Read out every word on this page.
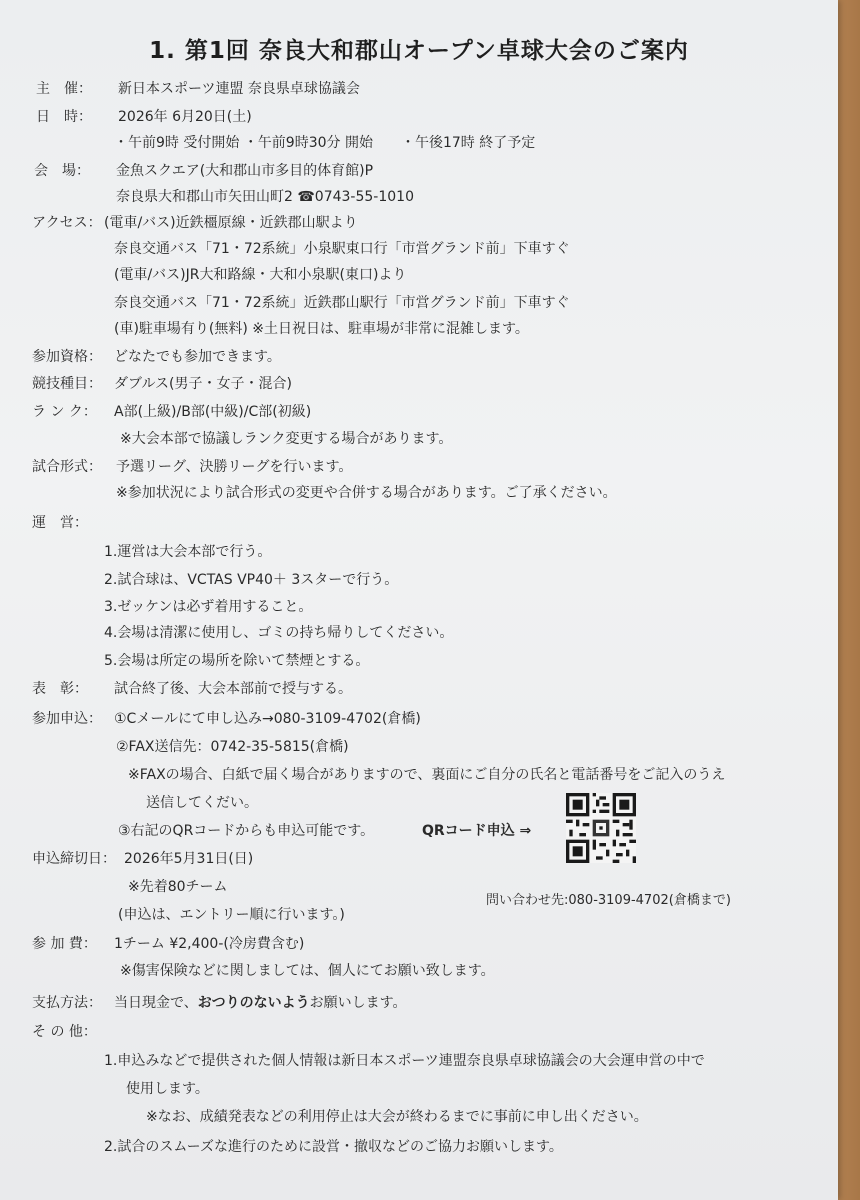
1. 第1回 奈良大和郡山オープン卓球大会のご案内
主　催： 新日本スポーツ連盟 奈良県卓球協議会
日　時： 2026年 6月20日(土)
・午前9時 受付開始 ・午前9時30分 開始　　・午後17時 終了予定
会　場： 金魚スクエア(大和郡山市多目的体育館)P
奈良県大和郡山市矢田山町2 ☎0743-55-1010
アクセス： (電車/バス)近鉄橿原線・近鉄郡山駅より
奈良交通バス「71・72系統」小泉駅東口行「市営グランド前」下車すぐ
(電車/バス)JR大和路線・大和小泉駅(東口)より
奈良交通バス「71・72系統」近鉄郡山駅行「市営グランド前」下車すぐ
(車)駐車場有り(無料) ※土日祝日は、駐車場が非常に混雑します。
参加資格： どなたでも参加できます。
競技種目： ダブルス(男子・女子・混合)
ラ ン ク： A部(上級)/B部(中級)/C部(初級)
※大会本部で協議しランク変更する場合があります。
試合形式： 予選リーグ、決勝リーグを行います。
※参加状況により試合形式の変更や合併する場合があります。ご了承ください。
運　営：
1.運営は大会本部で行う。
2.試合球は、VCTAS VP40＋ 3スターで行う。
3.ゼッケンは必ず着用すること。
4.会場は清潔に使用し、ゴミの持ち帰りしてください。
5.会場は所定の場所を除いて禁煙とする。
表　彰： 試合終了後、大会本部前で授与する。
参加申込： ①Cメールにて申し込み→080-3109-4702(倉橋)
②FAX送信先：0742-35-5815(倉橋)
※FAXの場合、白紙で届く場合がありますので、裏面にご自分の氏名と電話番号をご記入のうえ
送信してくだい。
③右記のQRコードからも申込可能です。	QRコード申込 ⇒
申込締切日： 2026年5月31日(日)
※先着80チーム
(申込は、エントリー順に行います。)
問い合わせ先:080-3109-4702(倉橋まで)
参 加 費： 1チーム ¥2,400-(冷房費含む)
※傷害保険などに関しましては、個人にてお願い致します。
支払方法： 当日現金で、おつりのないようお願いします。
そ の 他：
1.申込みなどで提供された個人情報は新日本スポーツ連盟奈良県卓球協議会の大会運申営の中で
使用します。
※なお、成績発表などの利用停止は大会が終わるまでに事前に申し出ください。
2.試合のスムーズな進行のために設営・撤収などのご協力お願いします。
